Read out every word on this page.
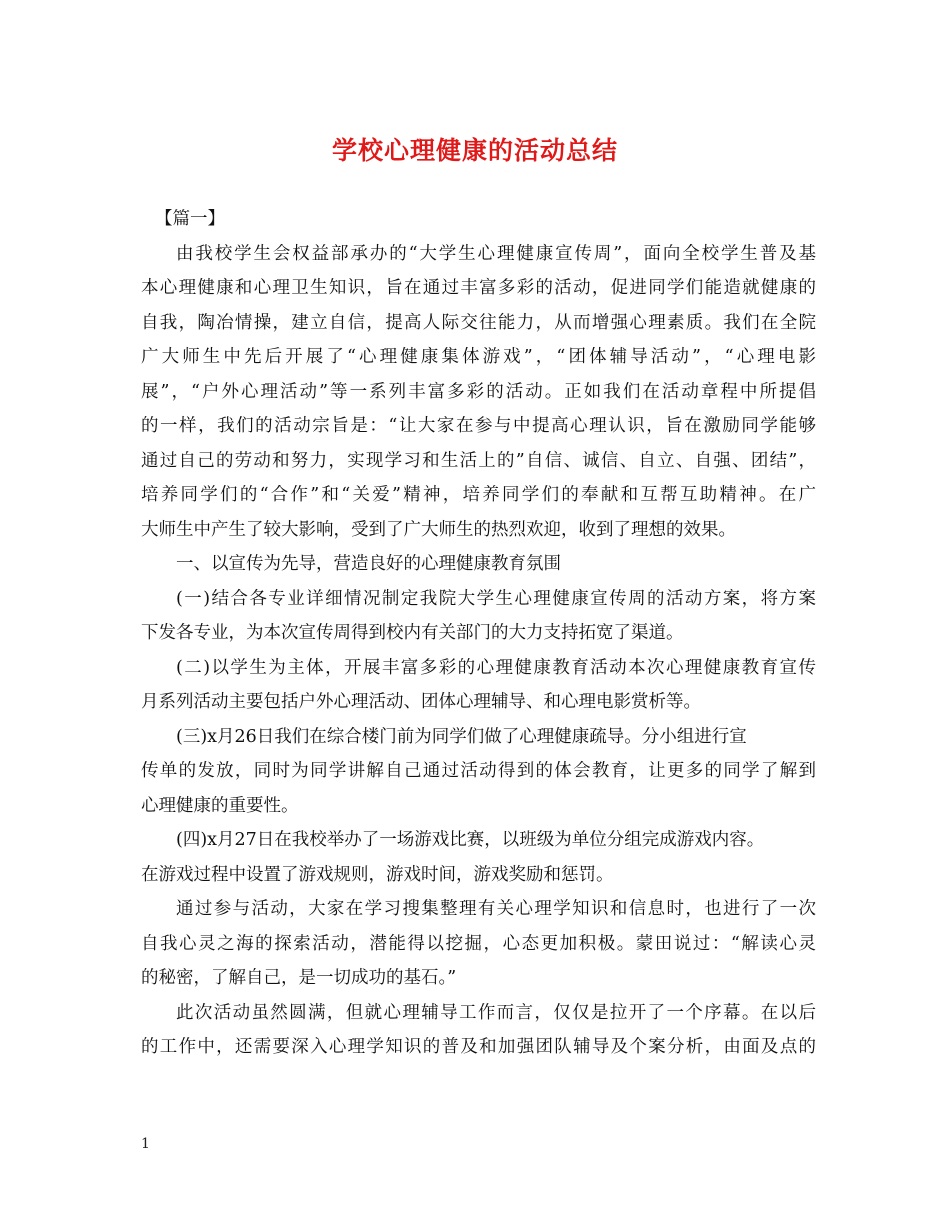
学校心理健康的活动总结
【篇一】
由我校学生会权益部承办的“大学生心理健康宣传周”，面向全校学生普及基
本心理健康和心理卫生知识，旨在通过丰富多彩的活动，促进同学们能造就健康的
自我，陶冶情操，建立自信，提高人际交往能力，从而增强心理素质。我们在全院
广大师生中先后开展了“心理健康集体游戏”，“团体辅导活动”，“心理电影
展”，“户外心理活动”等一系列丰富多彩的活动。正如我们在活动章程中所提倡
的一样，我们的活动宗旨是：“让大家在参与中提高心理认识，旨在激励同学能够
通过自己的劳动和努力，实现学习和生活上的”自信、诚信、自立、自强、团结”，
培养同学们的“合作”和“关爱”精神，培养同学们的奉献和互帮互助精神。在广
大师生中产生了较大影响，受到了广大师生的热烈欢迎，收到了理想的效果。
一、以宣传为先导，营造良好的心理健康教育氛围
(一)结合各专业详细情况制定我院大学生心理健康宣传周的活动方案，将方案
下发各专业，为本次宣传周得到校内有关部门的大力支持拓宽了渠道。
(二)以学生为主体，开展丰富多彩的心理健康教育活动本次心理健康教育宣传
月系列活动主要包括户外心理活动、团体心理辅导、和心理电影赏析等。
(三)x月26日我们在综合楼门前为同学们做了心理健康疏导。分小组进行宣
传单的发放，同时为同学讲解自己通过活动得到的体会教育，让更多的同学了解到
心理健康的重要性。
(四)x月27日在我校举办了一场游戏比赛，以班级为单位分组完成游戏内容。
在游戏过程中设置了游戏规则，游戏时间，游戏奖励和惩罚。
通过参与活动，大家在学习搜集整理有关心理学知识和信息时，也进行了一次
自我心灵之海的探索活动，潜能得以挖掘，心态更加积极。蒙田说过：“解读心灵
的秘密，了解自己，是一切成功的基石。”
此次活动虽然圆满，但就心理辅导工作而言，仅仅是拉开了一个序幕。在以后
的工作中，还需要深入心理学知识的普及和加强团队辅导及个案分析，由面及点的
1
